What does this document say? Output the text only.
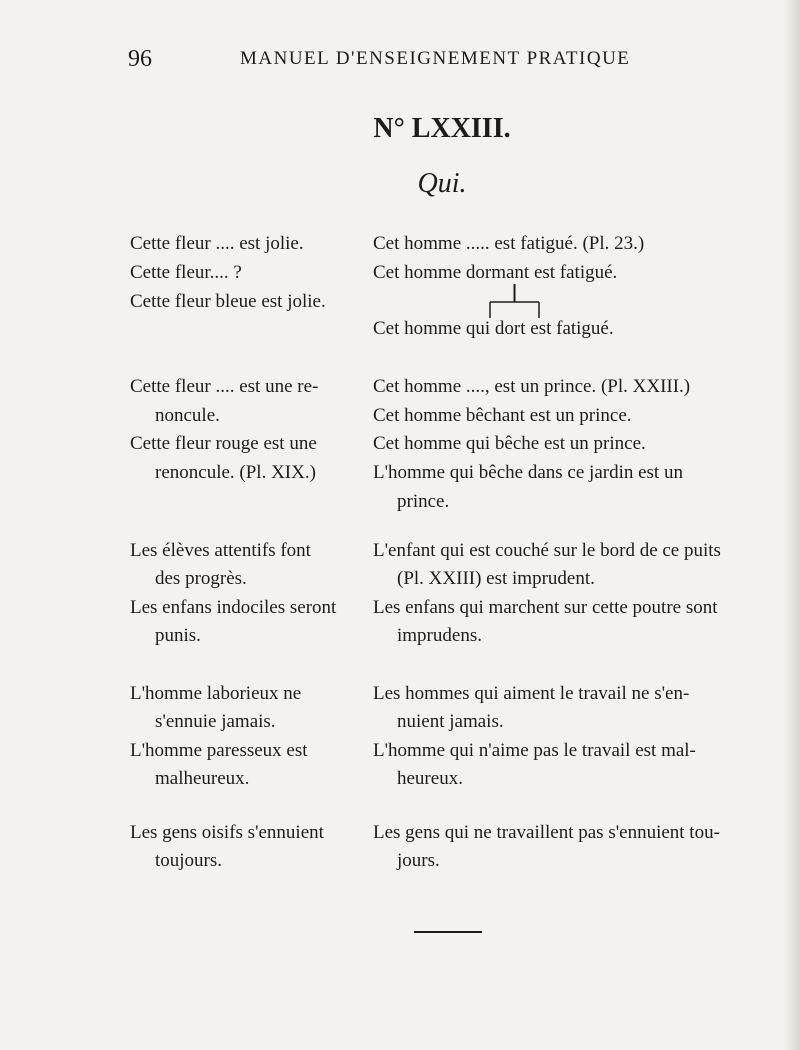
96	MANUEL D'ENSEIGNEMENT PRATIQUE
N° LXXIII.
Qui.
Cette fleur .... est jolie.
Cette fleur.... ?
Cette fleur bleue est jolie.
Cet homme ..... est fatigué. (Pl. 23.)
Cet homme dormant est fatigué.
Cet homme qui dort est fatigué.
Cette fleur .... est une re-
noncule.
Cette fleur rouge est une
renoncule. (Pl. XIX.)
Cet homme ...., est un prince. (Pl. XXIII.)
Cet homme bêchant est un prince.
Cet homme qui bêche est un prince.
L'homme qui bêche dans ce jardin est un
prince.
Les élèves attentifs font
des progrès.
Les enfans indociles seront
punis.
L'enfant qui est couché sur le bord de ce puits
(Pl. XXIII) est imprudent.
Les enfans qui marchent sur cette poutre sont
imprudens.
L'homme laborieux ne
s'ennuie jamais.
L'homme paresseux est
malheureux.
Les hommes qui aiment le travail ne s'en-
nuient jamais.
L'homme qui n'aime pas le travail est mal-
heureux.
Les gens oisifs s'ennuient
toujours.
Les gens qui ne travaillent pas s'ennuient tou-
jours.
